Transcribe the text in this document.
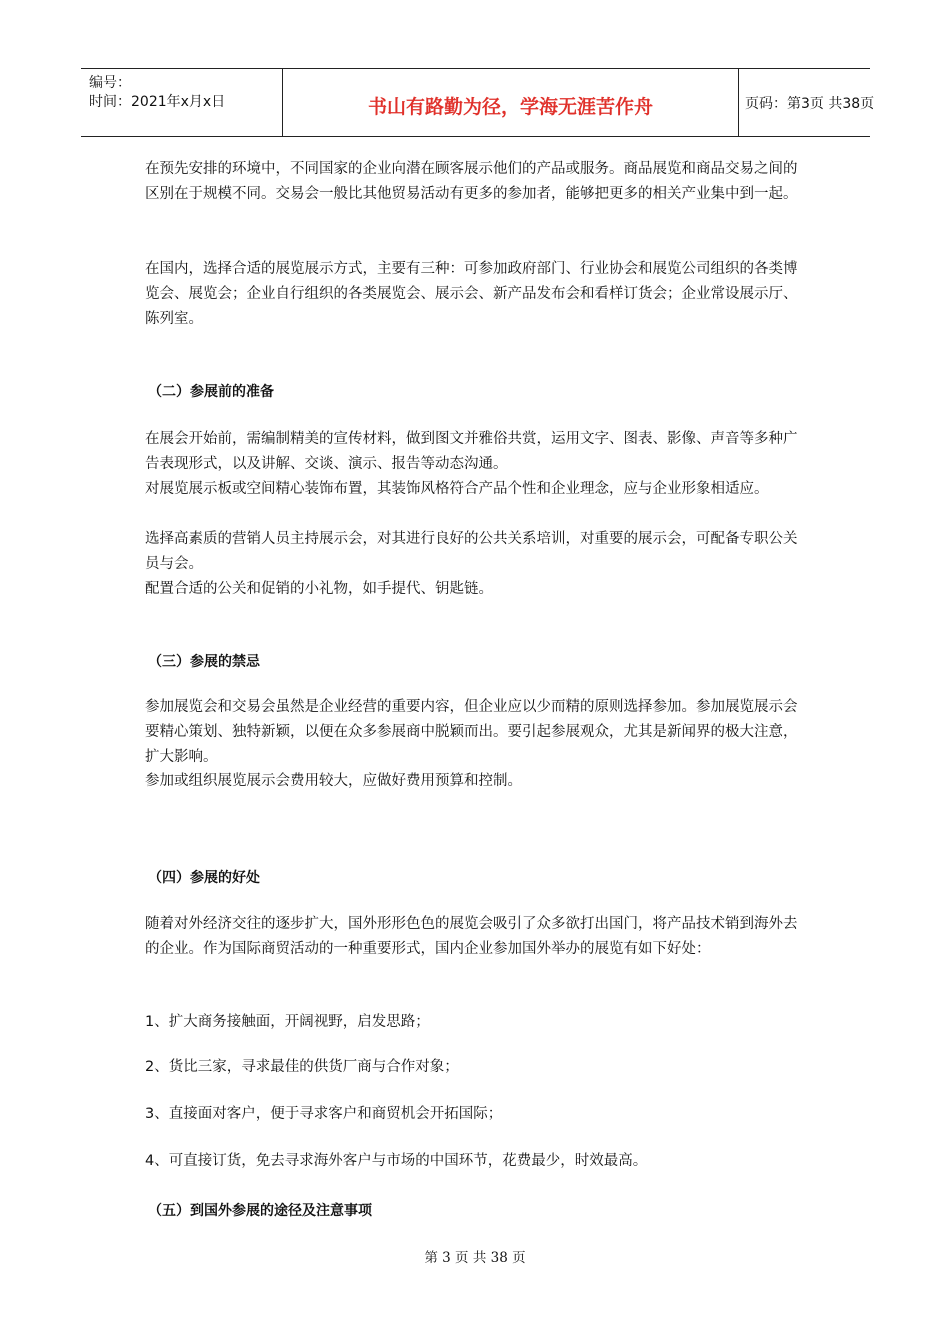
编号：
时间：2021年x月x日	书山有路勤为径，学海无涯苦作舟	页码：第3页 共38页

在预先安排的环境中，不同国家的企业向潜在顾客展示他们的产品或服务。商品展览和商品交易之间的区别在于规模不同。交易会一般比其他贸易活动有更多的参加者，能够把更多的相关产业集中到一起。

在国内，选择合适的展览展示方式，主要有三种：可参加政府部门、行业协会和展览公司组织的各类博览会、展览会；企业自行组织的各类展览会、展示会、新产品发布会和看样订货会；企业常设展示厅、陈列室。

（二）参展前的准备

在展会开始前，需编制精美的宣传材料，做到图文并雅俗共赏，运用文字、图表、影像、声音等多种广告表现形式，以及讲解、交谈、演示、报告等动态沟通。

对展览展示板或空间精心装饰布置，其装饰风格符合产品个性和企业理念，应与企业形象相适应。

选择高素质的营销人员主持展示会，对其进行良好的公共关系培训，对重要的展示会，可配备专职公关员与会。

配置合适的公关和促销的小礼物，如手提代、钥匙链。

（三）参展的禁忌

参加展览会和交易会虽然是企业经营的重要内容，但企业应以少而精的原则选择参加。参加展览展示会要精心策划、独特新颖，以便在众多参展商中脱颖而出。要引起参展观众，尤其是新闻界的极大注意，扩大影响。

参加或组织展览展示会费用较大，应做好费用预算和控制。

（四）参展的好处

随着对外经济交往的逐步扩大，国外形形色色的展览会吸引了众多欲打出国门，将产品技术销到海外去的企业。作为国际商贸活动的一种重要形式，国内企业参加国外举办的展览有如下好处：

1、扩大商务接触面，开阔视野，启发思路；

2、货比三家，寻求最佳的供货厂商与合作对象；

3、直接面对客户，便于寻求客户和商贸机会开拓国际；

4、可直接订货，免去寻求海外客户与市场的中国环节，花费最少，时效最高。

（五）到国外参展的途径及注意事项

第 3 页 共 38 页
